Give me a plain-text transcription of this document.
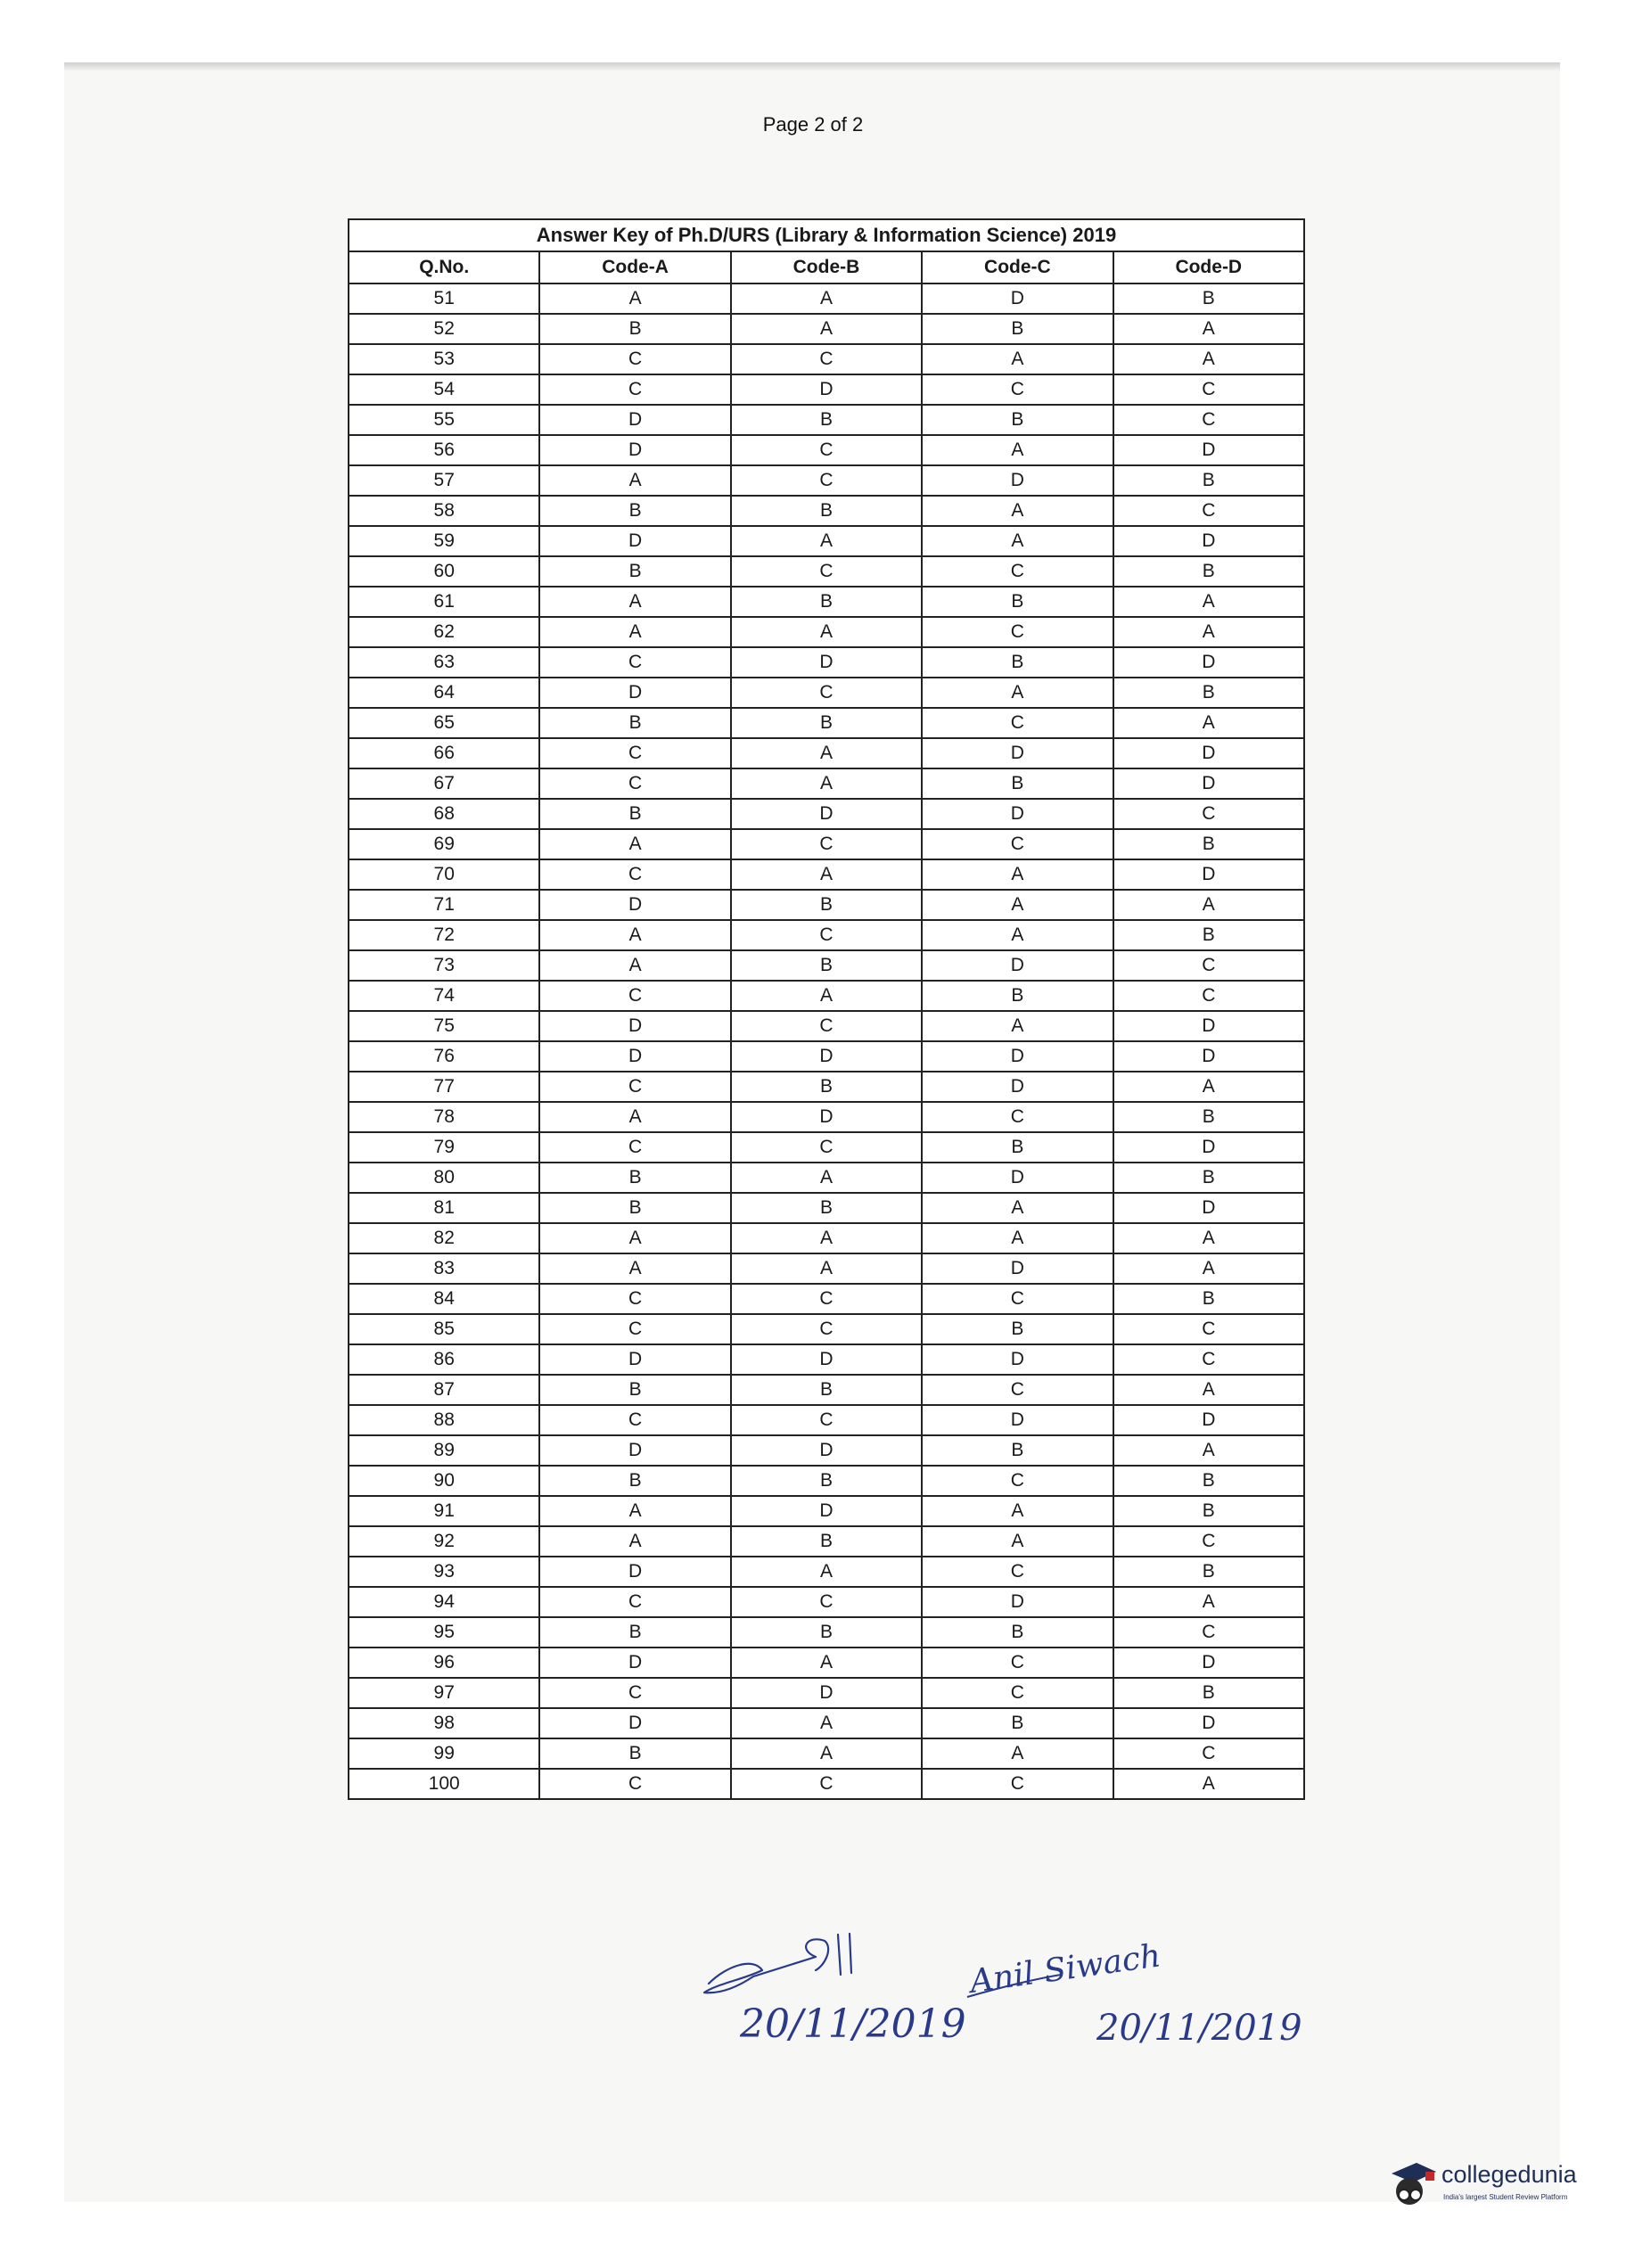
Page 2 of 2
Answer Key of Ph.D/URS (Library & Information Science) 2019				
Q.No.	Code-A	Code-B	Code-C	Code-D
51	A	A	D	B
52	B	A	B	A
53	C	C	A	A
54	C	D	C	C
55	D	B	B	C
56	D	C	A	D
57	A	C	D	B
58	B	B	A	C
59	D	A	A	D
60	B	C	C	B
61	A	B	B	A
62	A	A	C	A
63	C	D	B	D
64	D	C	A	B
65	B	B	C	A
66	C	A	D	D
67	C	A	B	D
68	B	D	D	C
69	A	C	C	B
70	C	A	A	D
71	D	B	A	A
72	A	C	A	B
73	A	B	D	C
74	C	A	B	C
75	D	C	A	D
76	D	D	D	D
77	C	B	D	A
78	A	D	C	B
79	C	C	B	D
80	B	A	D	B
81	B	B	A	D
82	A	A	A	A
83	A	A	D	A
84	C	C	C	B
85	C	C	B	C
86	D	D	D	C
87	B	B	C	A
88	C	C	D	D
89	D	D	B	A
90	B	B	C	B
91	A	D	A	B
92	A	B	A	C
93	D	A	C	B
94	C	C	D	A
95	B	B	B	C
96	D	A	C	D
97	C	D	C	B
98	D	A	B	D
99	B	A	A	C
100	C	C	C	A
20/11/2019
Anil Siwach
20/11/2019
collegedunia
India's largest Student Review Platform
